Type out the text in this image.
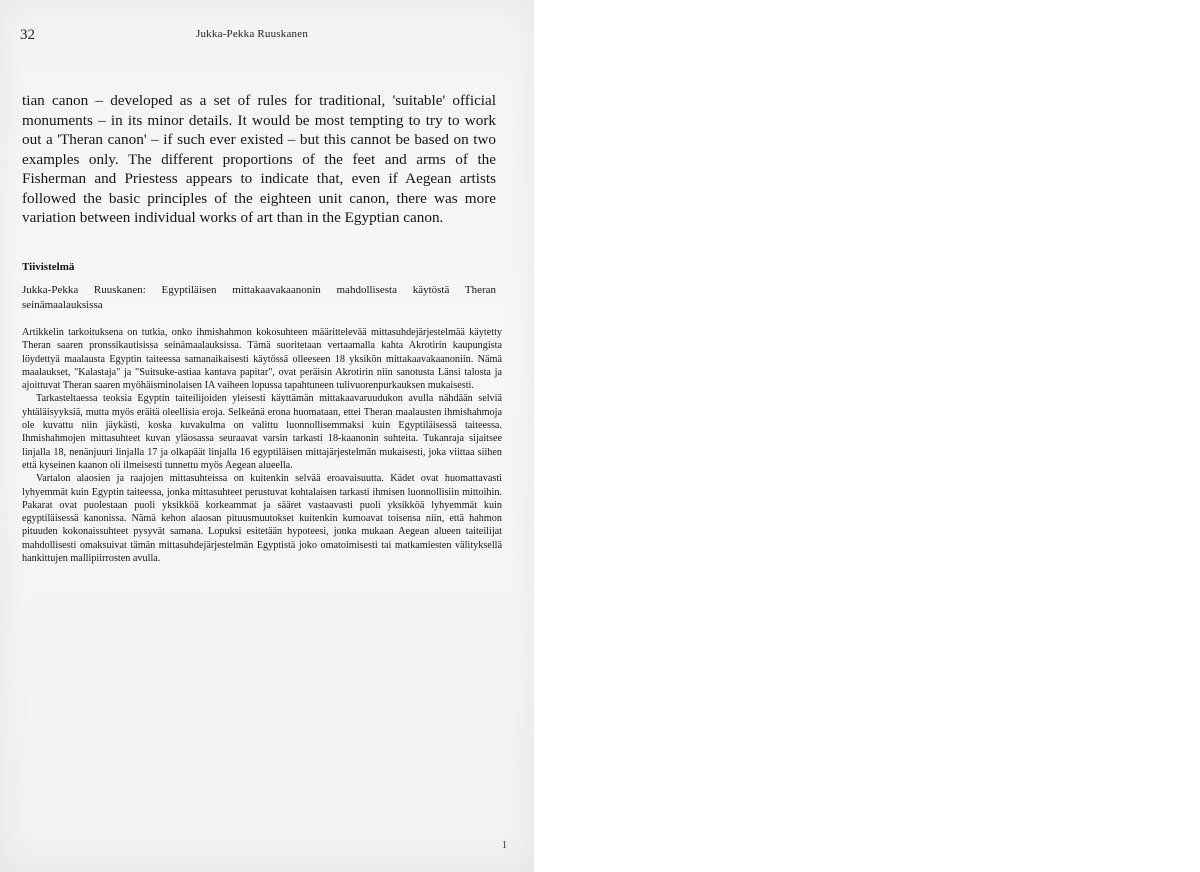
32	Jukka-Pekka Ruuskanen
tian canon – developed as a set of rules for traditional, 'suitable' official monuments – in its minor details. It would be most tempting to try to work out a 'Theran canon' – if such ever existed – but this cannot be based on two examples only. The different proportions of the feet and arms of the Fisherman and Priestess appears to indicate that, even if Aegean artists followed the basic principles of the eighteen unit canon, there was more variation between individual works of art than in the Egyptian canon.
Tiivistelmä
Jukka-Pekka Ruuskanen: Egyptiläisen mittakaavakaanonin mahdollisesta käytöstä Theran seinämaalauksissa

Artikkelin tarkoituksena on tutkia, onko ihmishahmon kokosuhteen määrittelevää mittasuhdejärjestelmää käytetty Theran saaren pronssikautisissa seinämaalauksissa. Tämä suoritetaan vertaamalla kahta Akrotirin kaupungista löydettyä maalausta Egyptin taiteessa samanaikaisesti käytössä olleeseen 18 yksikön mittakaavakaanoniin. Nämä maalaukset, "Kalastaja" ja "Suitsuke-astiaa kantava papitar", ovat peräisin Akrotirin niin sanotusta Länsi talosta ja ajoittuvat Theran saaren myöhäisminolaisen IA vaiheen lopussa tapahtuneen tulivuorenpurkauksen mukaisesti.

Tarkasteltaessa teoksia Egyptin taiteilijoiden yleisesti käyttämän mittakaavaruudukon avulla nähdään selviä yhtäläisyyksiä, mutta myös eräitä oleellisia eroja. Selkeänä erona huomataan, ettei Theran maalausten ihmishahmoja ole kuvattu niin jäykästi, koska kuvakulma on valittu luonnollisemmaksi kuin Egyptiläisessä taiteessa. Ihmishahmojen mittasuhteet kuvan yläosassa seuraavat varsin tarkasti 18-kaanonin suhteita. Tukanraja sijaitsee linjalla 18, nenänjuuri linjalla 17 ja olkapäät linjalla 16 egyptiläisen mittajärjestelmän mukaisesti, joka viittaa siihen että kyseinen kaanon oli ilmeisesti tunnettu myös Aegean alueella.

Vartalon alaosien ja raajojen mittasuhteissa on kuitenkin selvää eroavaisuutta. Kädet ovat huomattavasti lyhyemmät kuin Egyptin taiteessa, jonka mittasuhteet perustuvat kohtalaisen tarkasti ihmisen luonnollisiin mittoihin. Pakarat ovat puolestaan puoli yksikköä korkeammat ja sääret vastaavasti puoli yksikköä lyhyemmät kuin egyptiläisessä kanonissa. Nämä kehon alaosan pituusmuutokset kuitenkin kumoavat toisensa niin, että hahmon pituuden kokonaissuhteet pysyvät samana. Lopuksi esitetään hypoteesi, jonka mukaan Aegean alueen taiteilijat mahdollisesti omaksuivat tämän mittasuhdejärjestelmän Egyptistä joko omatoimisesti tai matkamiesten välityksellä hankittujen mallipiirrosten avulla.

1
